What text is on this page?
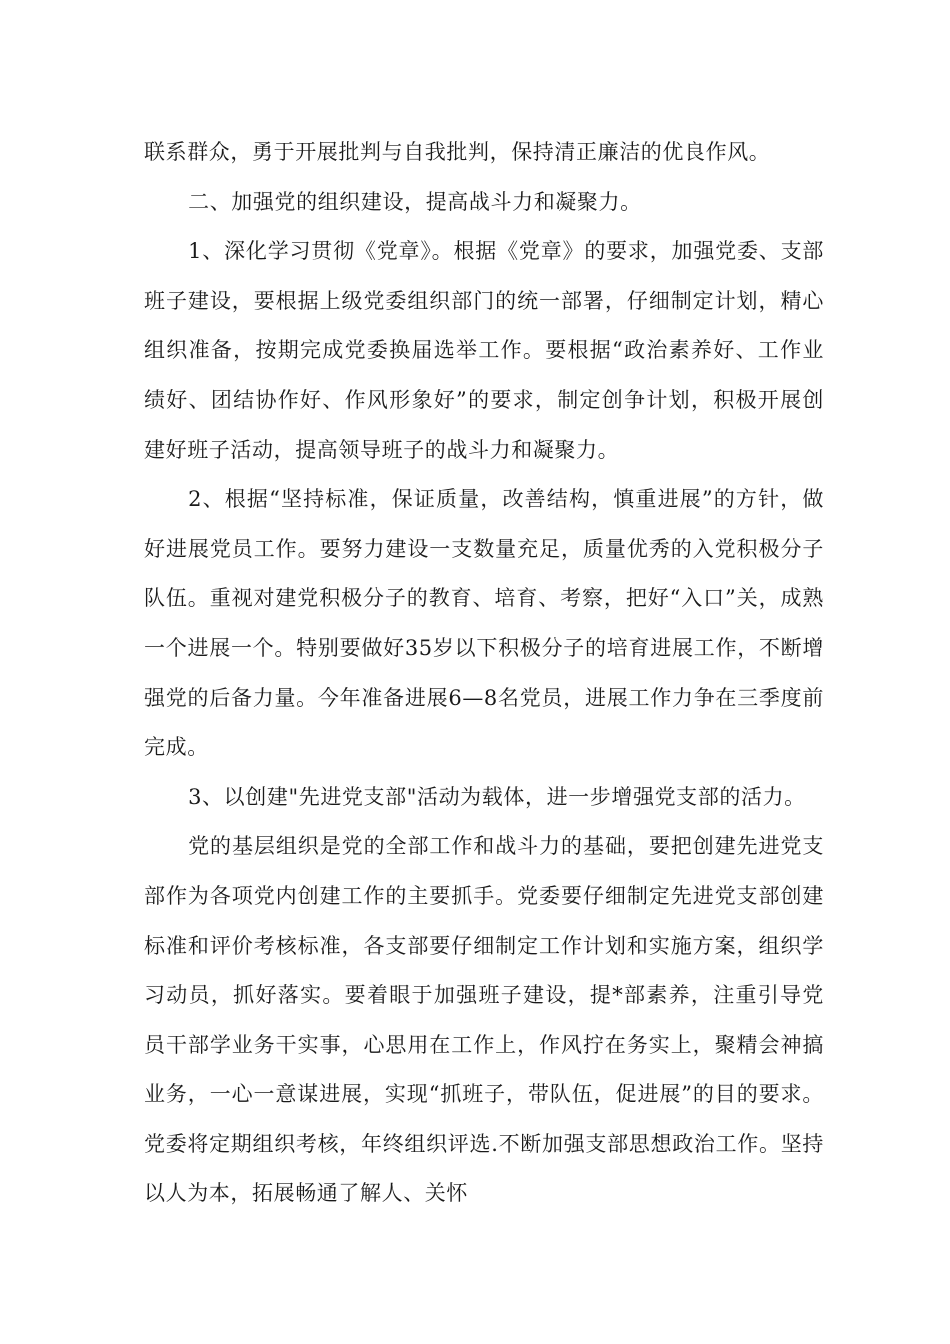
联系群众，勇于开展批判与自我批判，保持清正廉洁的优良作风。

二、加强党的组织建设，提高战斗力和凝聚力。

1、深化学习贯彻《党章》。根据《党章》的要求，加强党委、支部班子建设，要根据上级党委组织部门的统一部署，仔细制定计划，精心组织准备，按期完成党委换届选举工作。要根据“政治素养好、工作业绩好、团结协作好、作风形象好”的要求，制定创争计划，积极开展创建好班子活动，提高领导班子的战斗力和凝聚力。

2、根据“坚持标准，保证质量，改善结构，慎重进展”的方针，做好进展党员工作。要努力建设一支数量充足，质量优秀的入党积极分子队伍。重视对建党积极分子的教育、培育、考察，把好“入口”关，成熟一个进展一个。特别要做好35岁以下积极分子的培育进展工作，不断增强党的后备力量。今年准备进展6—8名党员，进展工作力争在三季度前完成。

3、以创建"先进党支部"活动为载体，进一步增强党支部的活力。

党的基层组织是党的全部工作和战斗力的基础，要把创建先进党支部作为各项党内创建工作的主要抓手。党委要仔细制定先进党支部创建标准和评价考核标准，各支部要仔细制定工作计划和实施方案，组织学习动员，抓好落实。要着眼于加强班子建设，提*部素养，注重引导党员干部学业务干实事，心思用在工作上，作风拧在务实上，聚精会神搞业务，一心一意谋进展，实现“抓班子，带队伍，促进展”的目的要求。党委将定期组织考核，年终组织评选.不断加强支部思想政治工作。坚持以人为本，拓展畅通了解人、关怀
